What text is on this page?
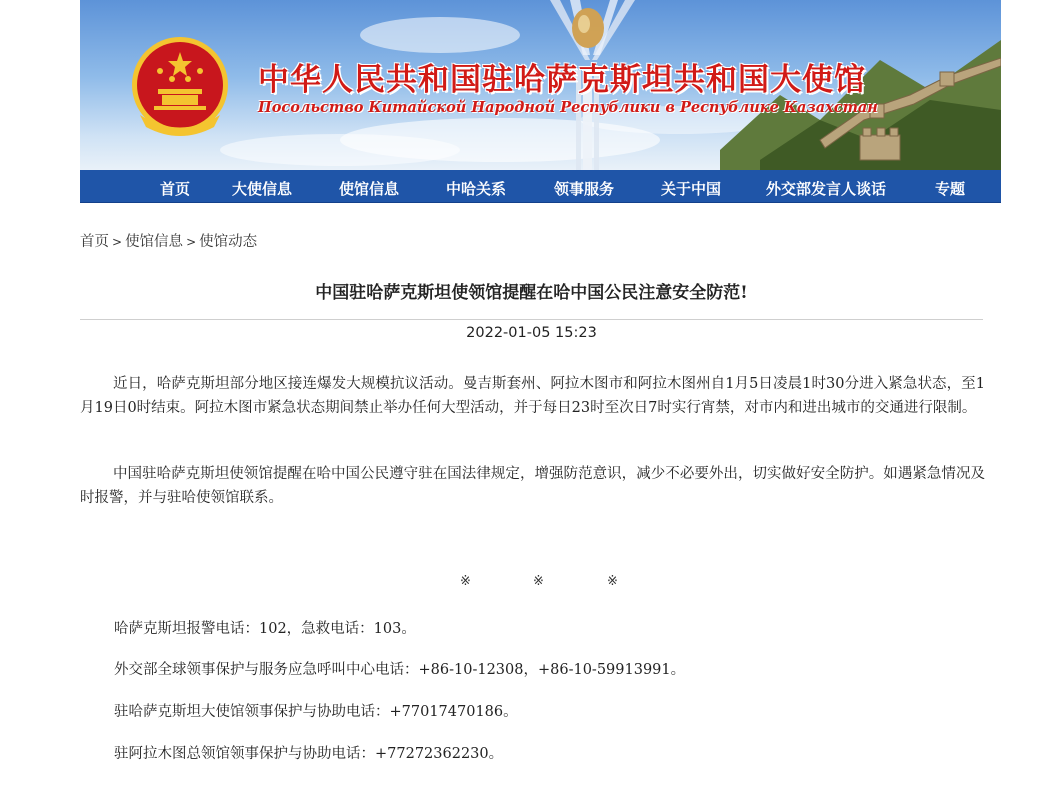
中华人民共和国驻哈萨克斯坦共和国大使馆
Посольство Китайской Народной Республики в Республике Казахстан
首页	大使信息	使馆信息	中哈关系	领事服务	关于中国	外交部发言人谈话	专题
首页 > 使馆信息 > 使馆动态
中国驻哈萨克斯坦使领馆提醒在哈中国公民注意安全防范!
2022-01-05 15:23

近日，哈萨克斯坦部分地区接连爆发大规模抗议活动。曼吉斯套州、阿拉木图市和阿拉木图州自1月5日凌晨1时30分进入紧急状态，至1月19日0时结束。阿拉木图市紧急状态期间禁止举办任何大型活动，并于每日23时至次日7时实行宵禁，对市内和进出城市的交通进行限制。

中国驻哈萨克斯坦使领馆提醒在哈中国公民遵守驻在国法律规定，增强防范意识，减少不必要外出，切实做好安全防护。如遇紧急情况及时报警，并与驻哈使领馆联系。

※	※	※

哈萨克斯坦报警电话：102，急救电话：103。

外交部全球领事保护与服务应急呼叫中心电话：+86-10-12308，+86-10-59913991。

驻哈萨克斯坦大使馆领事保护与协助电话：+77017470186。

驻阿拉木图总领馆领事保护与协助电话：+77272362230。
